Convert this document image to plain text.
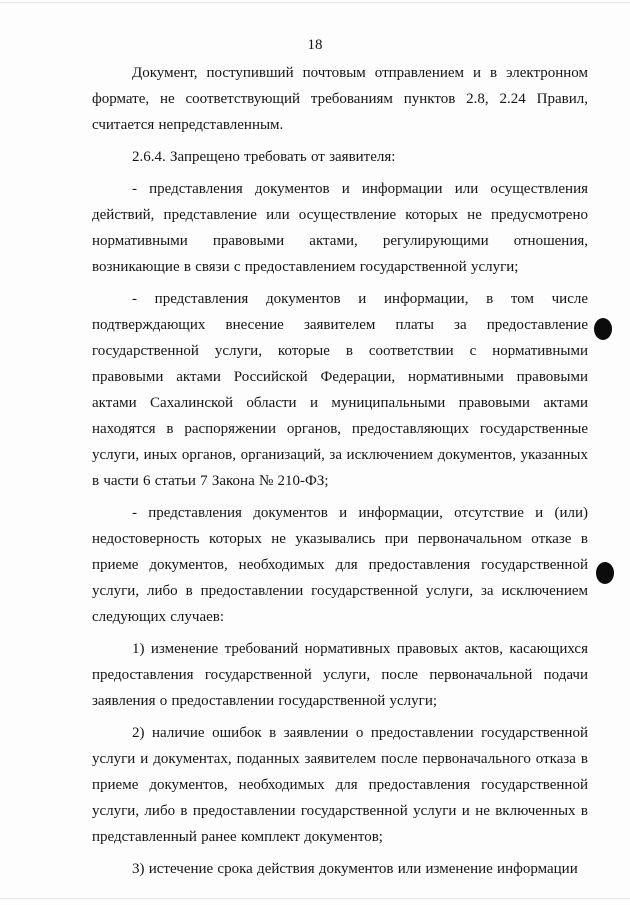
18

Документ, поступивший почтовым отправлением и в электронном формате, не соответствующий требованиям пунктов 2.8, 2.24 Правил, считается непредставленным.

2.6.4. Запрещено требовать от заявителя:

- представления документов и информации или осуществления действий, представление или осуществление которых не предусмотрено нормативными правовыми актами, регулирующими отношения, возникающие в связи с предоставлением государственной услуги;

- представления документов и информации, в том числе подтверждающих внесение заявителем платы за предоставление государственной услуги, которые в соответствии с нормативными правовыми актами Российской Федерации, нормативными правовыми актами Сахалинской области и муниципальными правовыми актами находятся в распоряжении органов, предоставляющих государственные услуги, иных органов, организаций, за исключением документов, указанных в части 6 статьи 7 Закона № 210-ФЗ;

- представления документов и информации, отсутствие и (или) недостоверность которых не указывались при первоначальном отказе в приеме документов, необходимых для предоставления государственной услуги, либо в предоставлении государственной услуги, за исключением следующих случаев:

1) изменение требований нормативных правовых актов, касающихся предоставления государственной услуги, после первоначальной подачи заявления о предоставлении государственной услуги;

2) наличие ошибок в заявлении о предоставлении государственной услуги и документах, поданных заявителем после первоначального отказа в приеме документов, необходимых для предоставления государственной услуги, либо в предоставлении государственной услуги и не включенных в представленный ранее комплект документов;

3) истечение срока действия документов или изменение информации
